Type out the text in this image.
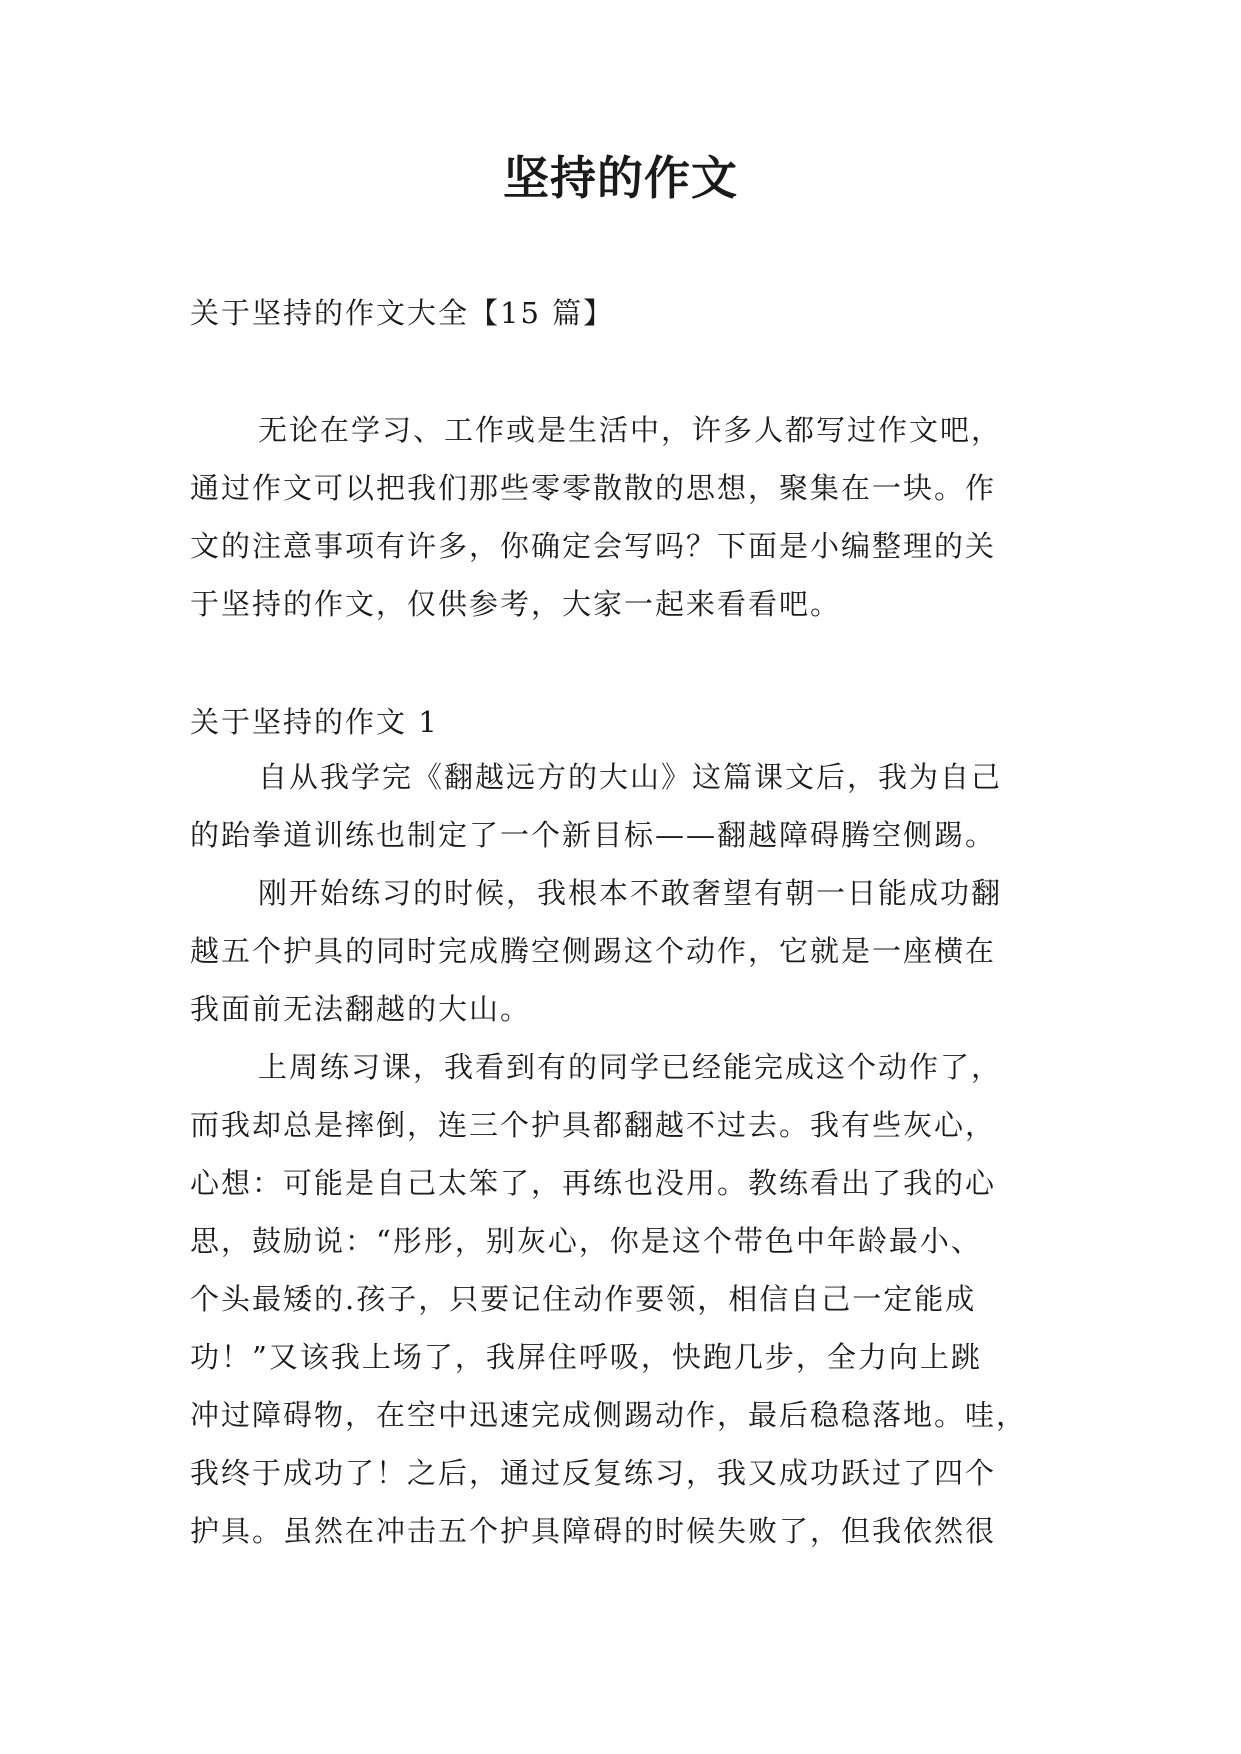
坚持的作文
关于坚持的作文大全【15 篇】
无论在学习、工作或是生活中，许多人都写过作文吧，
通过作文可以把我们那些零零散散的思想，聚集在一块。作
文的注意事项有许多，你确定会写吗？下面是小编整理的关
于坚持的作文，仅供参考，大家一起来看看吧。
关于坚持的作文 1
自从我学完《翻越远方的大山》这篇课文后，我为自己
的跆拳道训练也制定了一个新目标——翻越障碍腾空侧踢。
刚开始练习的时候，我根本不敢奢望有朝一日能成功翻
越五个护具的同时完成腾空侧踢这个动作，它就是一座横在
我面前无法翻越的大山。
上周练习课，我看到有的同学已经能完成这个动作了，
而我却总是摔倒，连三个护具都翻越不过去。我有些灰心，
心想：可能是自己太笨了，再练也没用。教练看出了我的心
思，鼓励说：“彤彤，别灰心，你是这个带色中年龄最小、
个头最矮的.孩子，只要记住动作要领，相信自己一定能成
功！”又该我上场了，我屏住呼吸，快跑几步，全力向上跳
冲过障碍物，在空中迅速完成侧踢动作，最后稳稳落地。哇，
我终于成功了！之后，通过反复练习，我又成功跃过了四个
护具。虽然在冲击五个护具障碍的时候失败了，但我依然很
